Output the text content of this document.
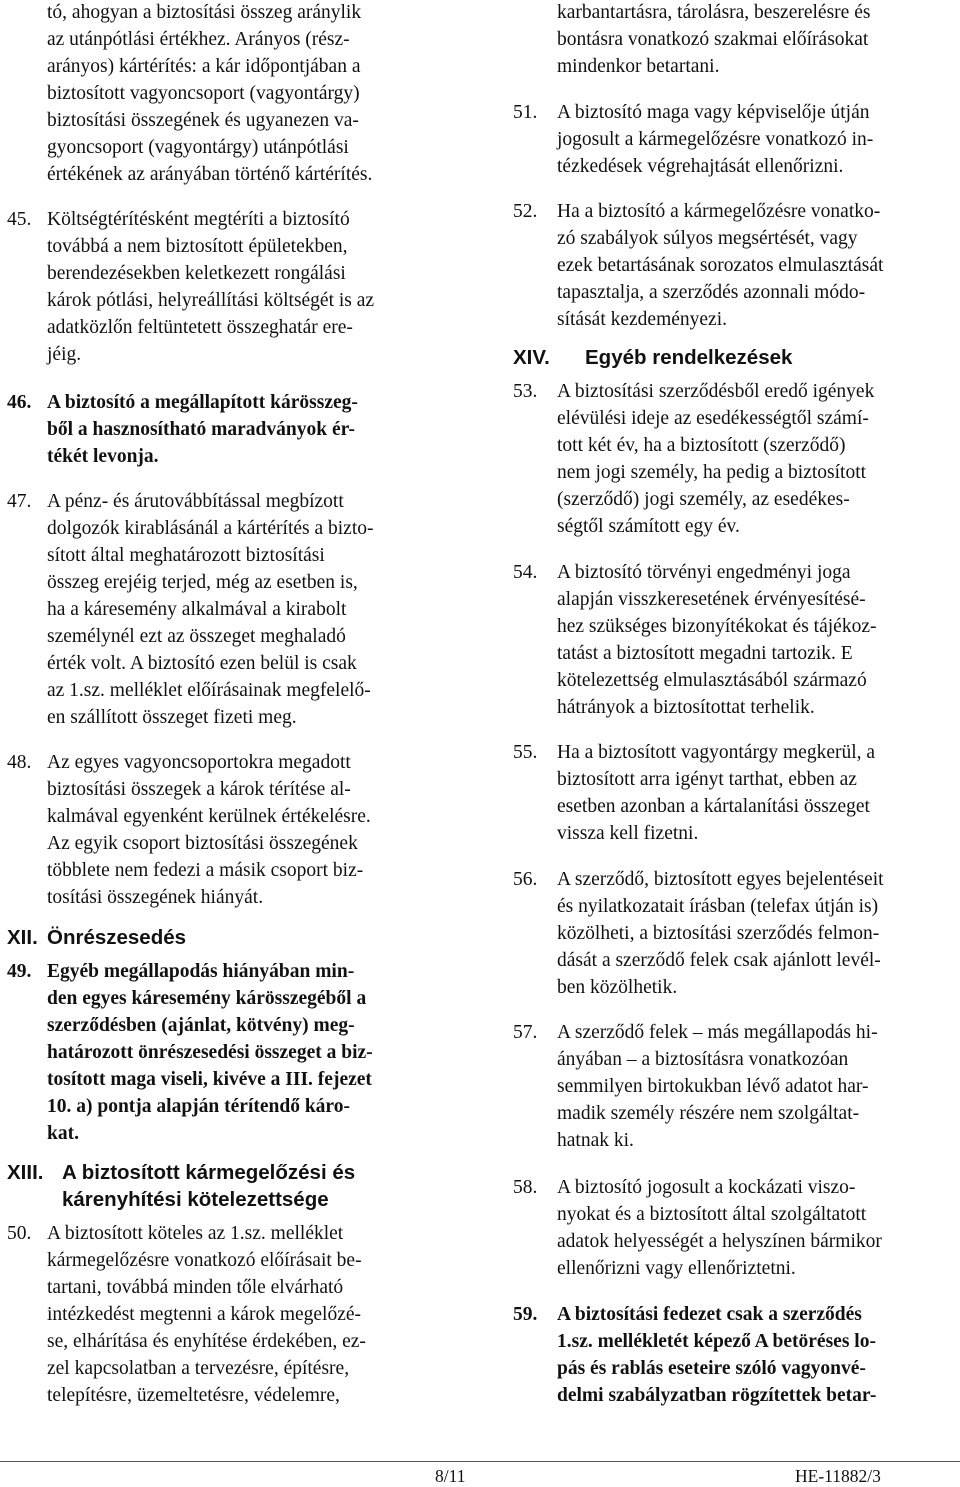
tó, ahogyan a biztosítási összeg aránylik
az utánpótlási értékhez. Arányos (rész-
arányos) kártérítés: a kár időpontjában a
biztosított vagyoncsoport (vagyontárgy)
biztosítási összegének és ugyanezen va-
gyoncsoport (vagyontárgy) utánpótlási
értékének az arányában történő kártérítés.
45. Költségtérítésként megtéríti a biztosító
továbbá a nem biztosított épületekben,
berendezésekben keletkezett rongálási
károk pótlási, helyreállítási költségét is az
adatközlőn feltüntetett összeghatár ere-
jéig.
46. A biztosító a megállapított kárösszeg-
ből a hasznosítható maradványok ér-
tékét levonja.
47. A pénz- és árutovábbítással megbízott
dolgozók kirablásánál a kártérítés a bizto-
sított által meghatározott biztosítási
összeg erejéig terjed, még az esetben is,
ha a káresemény alkalmával a kirabolt
személynél ezt az összeget meghaladó
érték volt. A biztosító ezen belül is csak
az 1.sz. melléklet előírásainak megfelelő-
en szállított összeget fizeti meg.
48. Az egyes vagyoncsoportokra megadott
biztosítási összegek a károk térítése al-
kalmával egyenként kerülnek értékelésre.
Az egyik csoport biztosítási összegének
többlete nem fedezi a másik csoport biz-
tosítási összegének hiányát.
XII. Önrészesedés
49. Egyéb megállapodás hiányában min-
den egyes káresemény kárösszegéből a
szerződésben (ajánlat, kötvény) meg-
határozott önrészesedési összeget a biz-
tosított maga viseli, kivéve a III. fejezet
10. a) pontja alapján térítendő káro-
kat.
XIII. A biztosított kármegelőzési és
kárenyhítési kötelezettsége
50. A biztosított köteles az 1.sz. melléklet
kármegelőzésre vonatkozó előírásait be-
tartani, továbbá minden tőle elvárható
intézkedést megtenni a károk megelőzé-
se, elhárítása és enyhítése érdekében, ez-
zel kapcsolatban a tervezésre, építésre,
telepítésre, üzemeltetésre, védelemre,
karbantartásra, tárolásra, beszerelésre és
bontásra vonatkozó szakmai előírásokat
mindenkor betartani.
51. A biztosító maga vagy képviselője útján
jogosult a kármegelőzésre vonatkozó in-
tézkedések végrehajtását ellenőrizni.
52. Ha a biztosító a kármegelőzésre vonatko-
zó szabályok súlyos megsértését, vagy
ezek betartásának sorozatos elmulasztását
tapasztalja, a szerződés azonnali módo-
sítását kezdeményezi.
XIV. Egyéb rendelkezések
53. A biztosítási szerződésből eredő igények
elévülési ideje az esedékességtől számí-
tott két év, ha a biztosított (szerződő)
nem jogi személy, ha pedig a biztosított
(szerződő) jogi személy, az esedékes-
ségtől számított egy év.
54. A biztosító törvényi engedményi joga
alapján visszkeresetének érvényesítésé-
hez szükséges bizonyítékokat és tájékoz-
tatást a biztosított megadni tartozik. E
kötelezettség elmulasztásából származó
hátrányok a biztosítottat terhelik.
55. Ha a biztosított vagyontárgy megkerül, a
biztosított arra igényt tarthat, ebben az
esetben azonban a kártalanítási összeget
vissza kell fizetni.
56. A szerződő, biztosított egyes bejelentéseit
és nyilatkozatait írásban (telefax útján is)
közölheti, a biztosítási szerződés felmon-
dását a szerződő felek csak ajánlott levél-
ben közölhetik.
57. A szerződő felek – más megállapodás hi-
ányában – a biztosításra vonatkozóan
semmilyen birtokukban lévő adatot har-
madik személy részére nem szolgáltat-
hatnak ki.
58. A biztosító jogosult a kockázati viszo-
nyokat és a biztosított által szolgáltatott
adatok helyességét a helyszínen bármikor
ellenőrizni vagy ellenőriztetni.
59. A biztosítási fedezet csak a szerződés
1.sz. mellékletét képező A betöréses lo-
pás és rablás eseteire szóló vagyonvé-
delmi szabályzatban rögzítettek betar-
8/11	HE-11882/3
